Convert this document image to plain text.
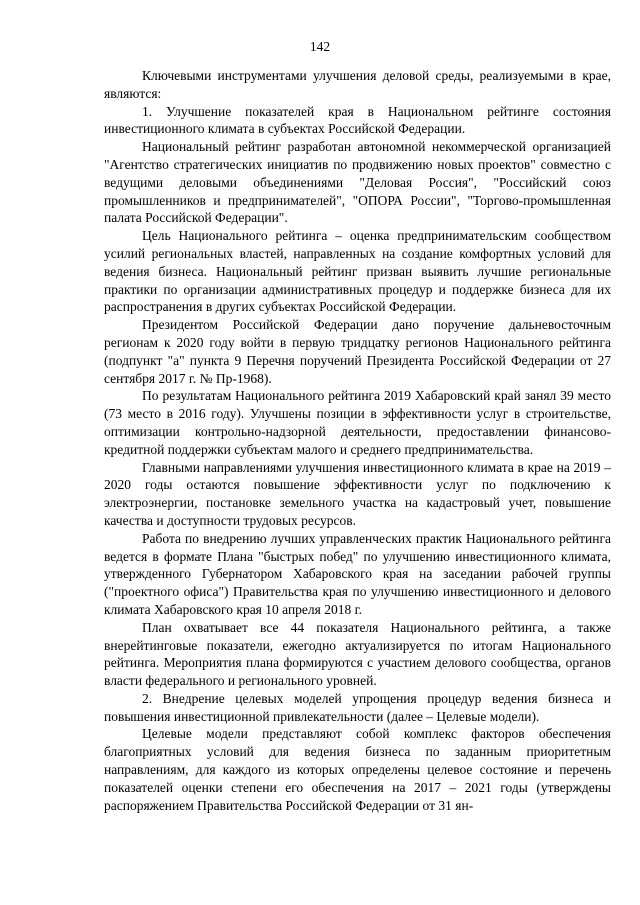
142

Ключевыми инструментами улучшения деловой среды, реализуемыми в крае, являются:

1. Улучшение показателей края в Национальном рейтинге состояния инвестиционного климата в субъектах Российской Федерации.

Национальный рейтинг разработан автономной некоммерческой организацией "Агентство стратегических инициатив по продвижению новых проектов" совместно с ведущими деловыми объединениями "Деловая Россия", "Российский союз промышленников и предпринимателей", "ОПОРА России", "Торгово-промышленная палата Российской Федерации".

Цель Национального рейтинга – оценка предпринимательским сообществом усилий региональных властей, направленных на создание комфортных условий для ведения бизнеса. Национальный рейтинг призван выявить лучшие региональные практики по организации административных процедур и поддержке бизнеса для их распространения в других субъектах Российской Федерации.

Президентом Российской Федерации дано поручение дальневосточным регионам к 2020 году войти в первую тридцатку регионов Национального рейтинга (подпункт "а" пункта 9 Перечня поручений Президента Российской Федерации от 27 сентября 2017 г. № Пр-1968).

По результатам Национального рейтинга 2019 Хабаровский край занял 39 место (73 место в 2016 году). Улучшены позиции в эффективности услуг в строительстве, оптимизации контрольно-надзорной деятельности, предоставлении финансово-кредитной поддержки субъектам малого и среднего предпринимательства.

Главными направлениями улучшения инвестиционного климата в крае на 2019 – 2020 годы остаются повышение эффективности услуг по подключению к электроэнергии, постановке земельного участка на кадастровый учет, повышение качества и доступности трудовых ресурсов.

Работа по внедрению лучших управленческих практик Национального рейтинга ведется в формате Плана "быстрых побед" по улучшению инвестиционного климата, утвержденного Губернатором Хабаровского края на заседании рабочей группы ("проектного офиса") Правительства края по улучшению инвестиционного и делового климата Хабаровского края 10 апреля 2018 г.

План охватывает все 44 показателя Национального рейтинга, а также внерейтинговые показатели, ежегодно актуализируется по итогам Национального рейтинга. Мероприятия плана формируются с участием делового сообщества, органов власти федерального и регионального уровней.

2. Внедрение целевых моделей упрощения процедур ведения бизнеса и повышения инвестиционной привлекательности (далее – Целевые модели).

Целевые модели представляют собой комплекс факторов обеспечения благоприятных условий для ведения бизнеса по заданным приоритетным направлениям, для каждого из которых определены целевое состояние и перечень показателей оценки степени его обеспечения на 2017 – 2021 годы (утверждены распоряжением Правительства Российской Федерации от 31 ян-
